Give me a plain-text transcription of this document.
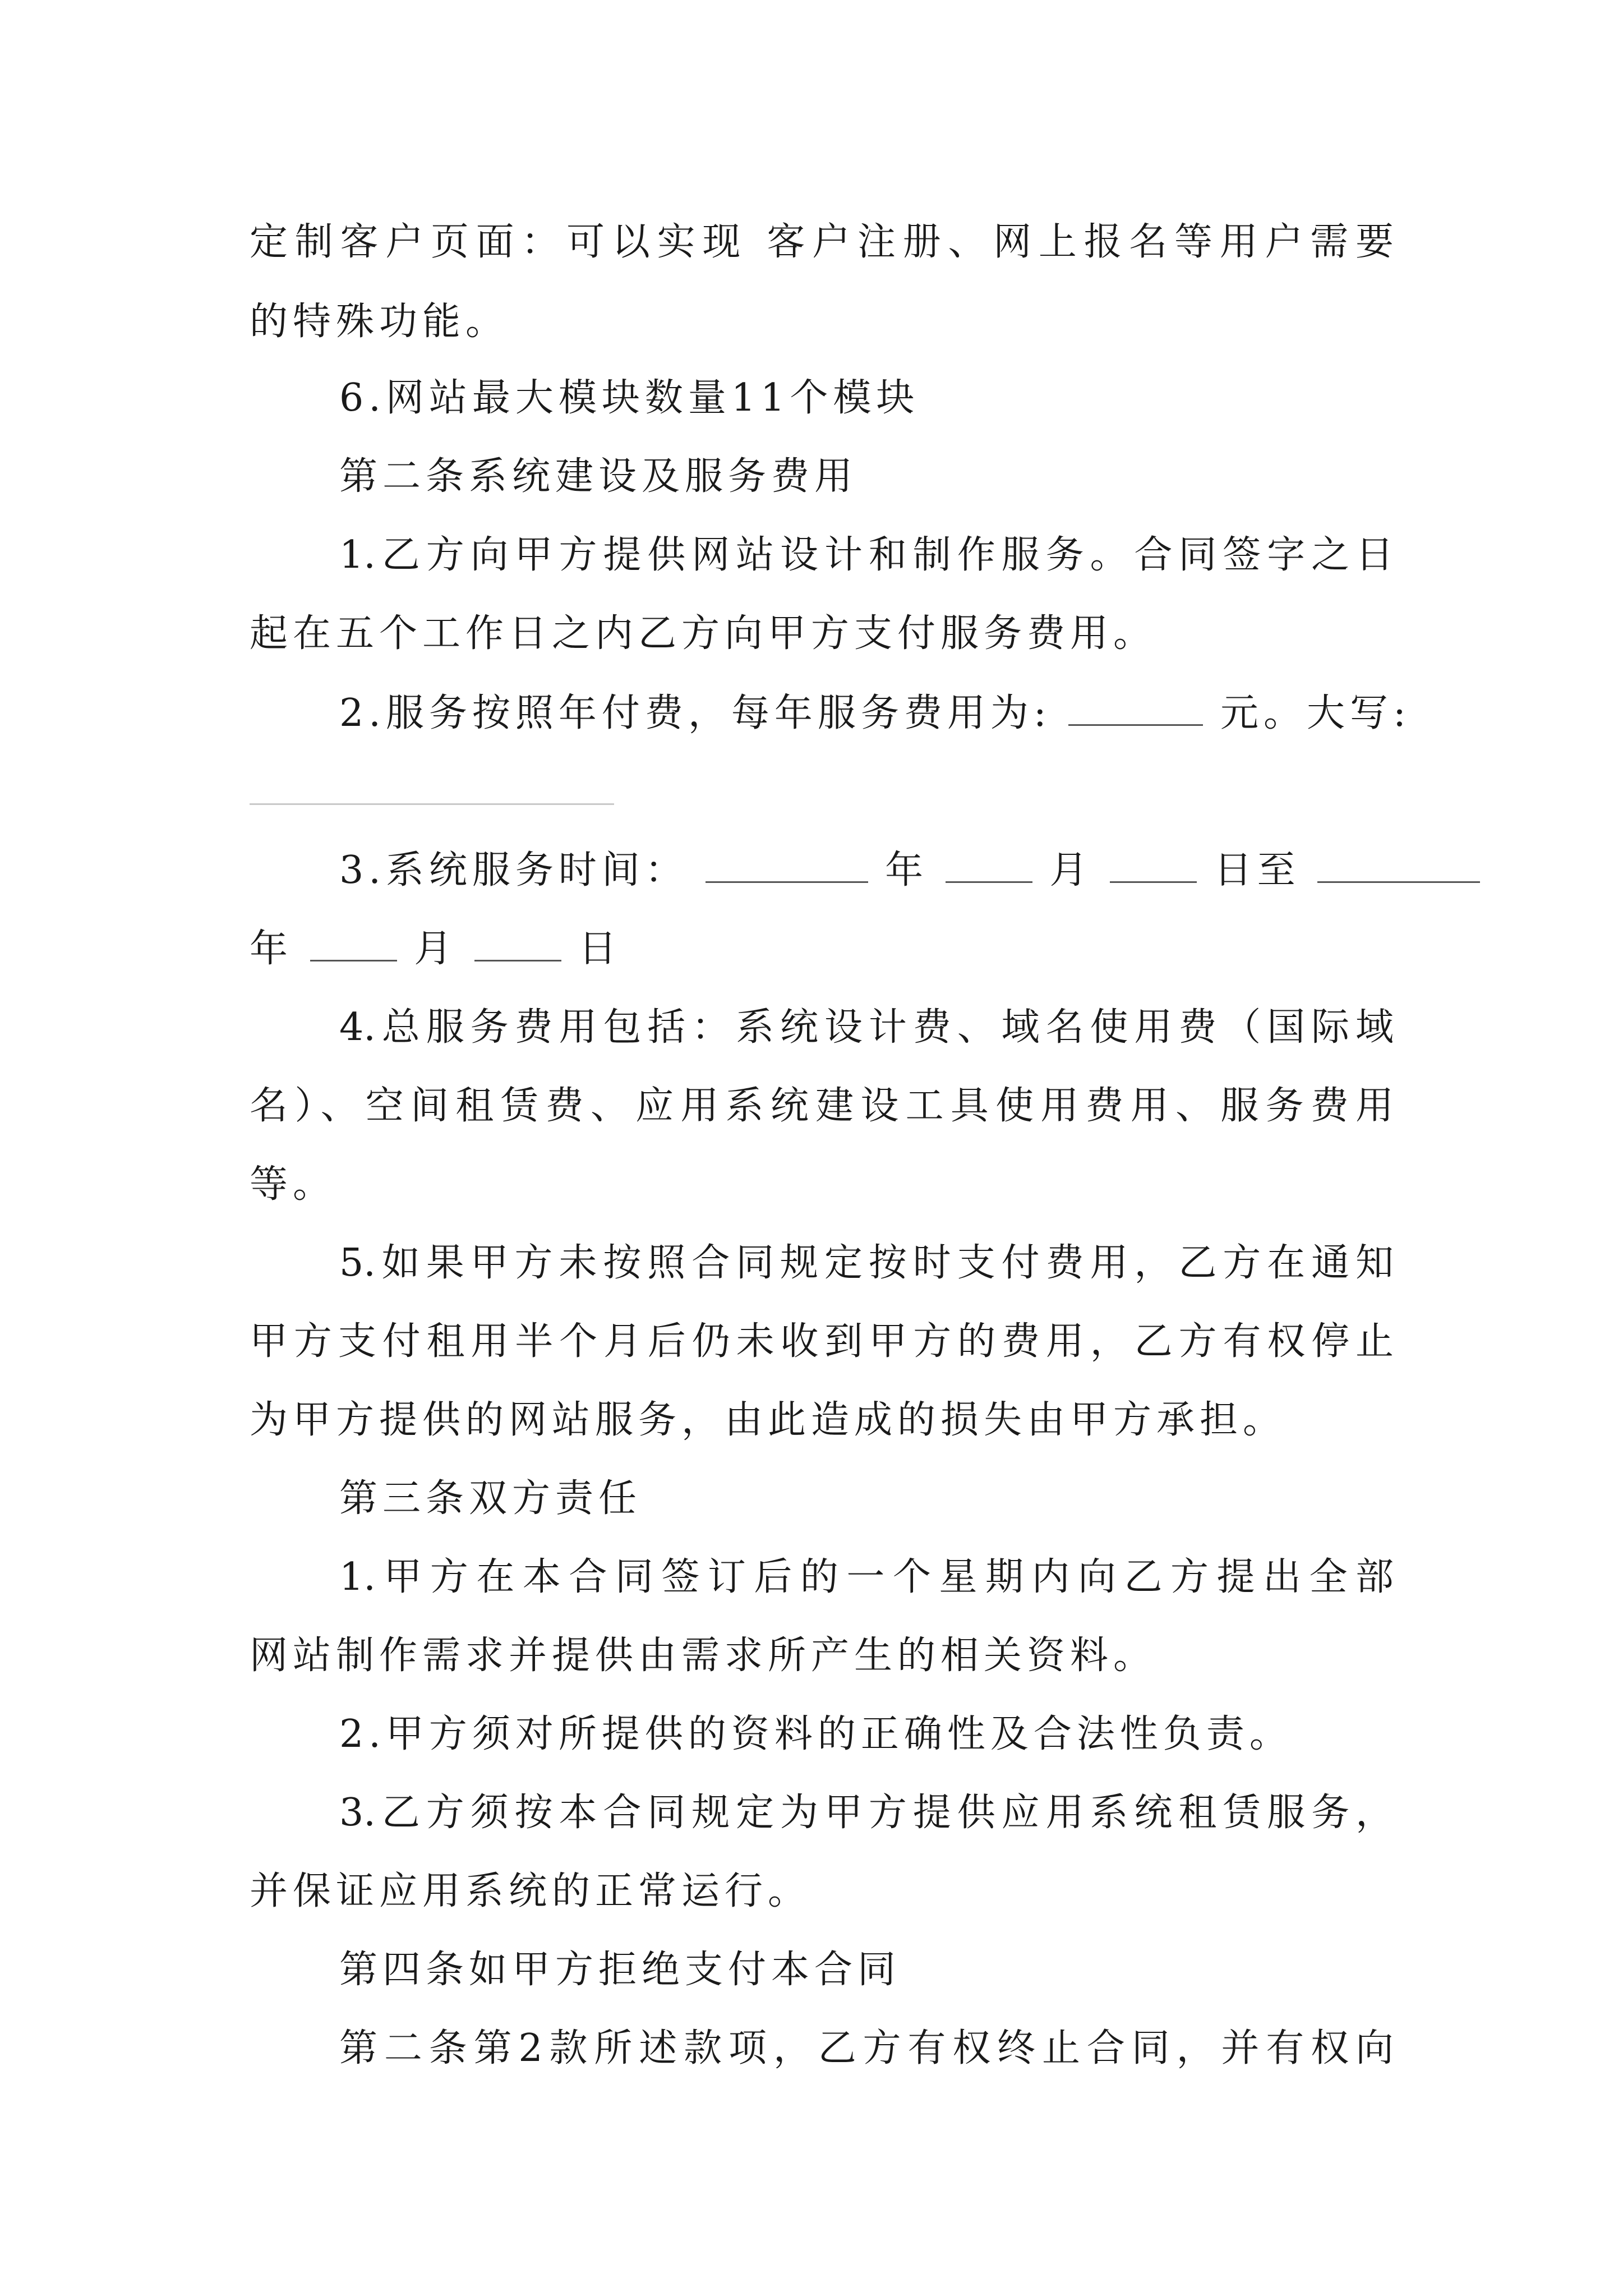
定制客户页面：可以实现 客户注册、网上报名等用户需要
的特殊功能。
6.网站最大模块数量11个模块
第二条系统建设及服务费用
1.乙方向甲方提供网站设计和制作服务。合同签字之日
起在五个工作日之内乙方向甲方支付服务费用。
2.服务按照年付费，每年服务费用为:	元。大写:
3.系统服务时间：	年	月	日至
年	月	日
4.总服务费用包括：系统设计费、域名使用费（国际域
名）、空间租赁费、应用系统建设工具使用费用、服务费用
等。
5.如果甲方未按照合同规定按时支付费用，乙方在通知
甲方支付租用半个月后仍未收到甲方的费用，乙方有权停止
为甲方提供的网站服务，由此造成的损失由甲方承担。
第三条双方责任
1.甲方在本合同签订后的一个星期内向乙方提出全部
网站制作需求并提供由需求所产生的相关资料。
2.甲方须对所提供的资料的正确性及合法性负责。
3.乙方须按本合同规定为甲方提供应用系统租赁服务，
并保证应用系统的正常运行。
第四条如甲方拒绝支付本合同
第二条第2款所述款项，乙方有权终止合同，并有权向
